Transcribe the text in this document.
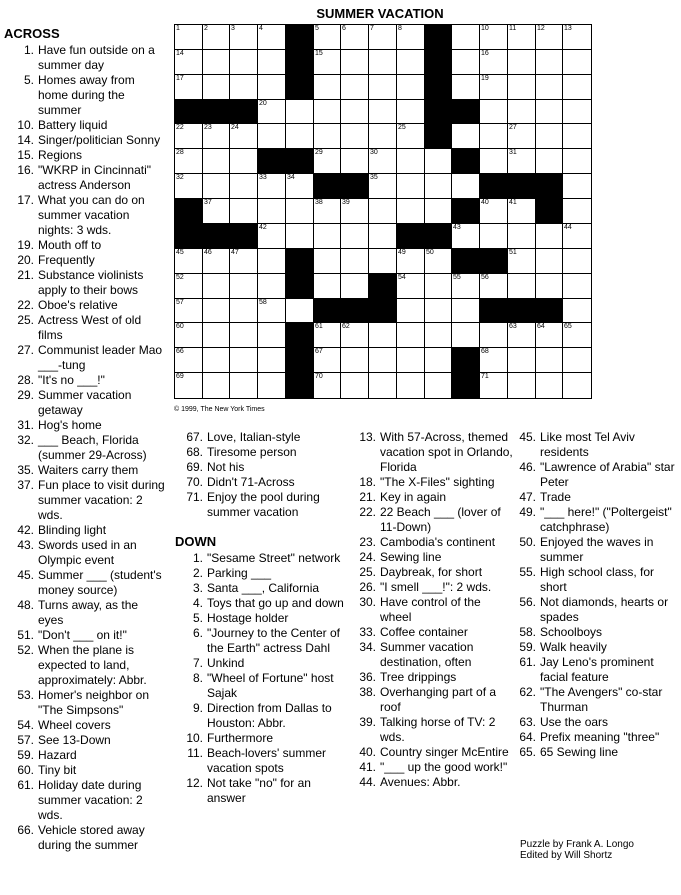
SUMMER VACATION
1	2	3	4	5	6	7	8	10	11	12	13
14	15	16
17	19
20
22	23	24	25	27
28	29	30	31
32	33	34	35
37	38	39	40	41
42	43	44
45	46	47	49	50	51
52	54	55	56
57	58
60	61	62	63	64	65
66	67	68
69	70	71
© 1999, The New York Times
ACROSS
1. Have fun outside on a summer day
5. Homes away from home during the summer
10. Battery liquid
14. Singer/politician Sonny
15. Regions
16. "WKRP in Cincinnati" actress Anderson
17. What you can do on summer vacation nights: 3 wds.
19. Mouth off to
20. Frequently
21. Substance violinists apply to their bows
22. Oboe's relative
25. Actress West of old films
27. Communist leader Mao ___-tung
28. "It's no ___!"
29. Summer vacation getaway
31. Hog's home
32. ___ Beach, Florida (summer 29-Across)
35. Waiters carry them
37. Fun place to visit during summer vacation: 2 wds.
42. Blinding light
43. Swords used in an Olympic event
45. Summer ___ (student's money source)
48. Turns away, as the eyes
51. "Don't ___ on it!"
52. When the plane is expected to land, approximately: Abbr.
53. Homer's neighbor on "The Simpsons"
54. Wheel covers
57. See 13-Down
59. Hazard
60. Tiny bit
61. Holiday date during summer vacation: 2 wds.
66. Vehicle stored away during the summer
67. Love, Italian-style
68. Tiresome person
69. Not his
70. Didn't 71-Across
71. Enjoy the pool during summer vacation
DOWN
1. "Sesame Street" network
2. Parking ___
3. Santa ___, California
4. Toys that go up and down
5. Hostage holder
6. "Journey to the Center of the Earth" actress Dahl
7. Unkind
8. "Wheel of Fortune" host Sajak
9. Direction from Dallas to Houston: Abbr.
10. Furthermore
11. Beach-lovers' summer vacation spots
12. Not take "no" for an answer
13. With 57-Across, themed vacation spot in Orlando, Florida
18. "The X-Files" sighting
21. Key in again
22. 22 Beach ___ (lover of 11-Down)
23. Cambodia's continent
24. Sewing line
25. Daybreak, for short
26. "I smell ___!": 2 wds.
30. Have control of the wheel
33. Coffee container
34. Summer vacation destination, often
36. Tree drippings
38. Overhanging part of a roof
39. Talking horse of TV: 2 wds.
40. Country singer McEntire
41. "___ up the good work!"
44. Avenues: Abbr.
45. Like most Tel Aviv residents
46. "Lawrence of Arabia" star Peter
47. Trade
49. "___ here!" ("Poltergeist" catchphrase)
50. Enjoyed the waves in summer
55. High school class, for short
56. Not diamonds, hearts or spades
58. Schoolboys
59. Walk heavily
61. Jay Leno's prominent facial feature
62. "The Avengers" co-star Thurman
63. Use the oars
64. Prefix meaning "three"
65. 65 Sewing line
Puzzle by Frank A. Longo
Edited by Will Shortz
